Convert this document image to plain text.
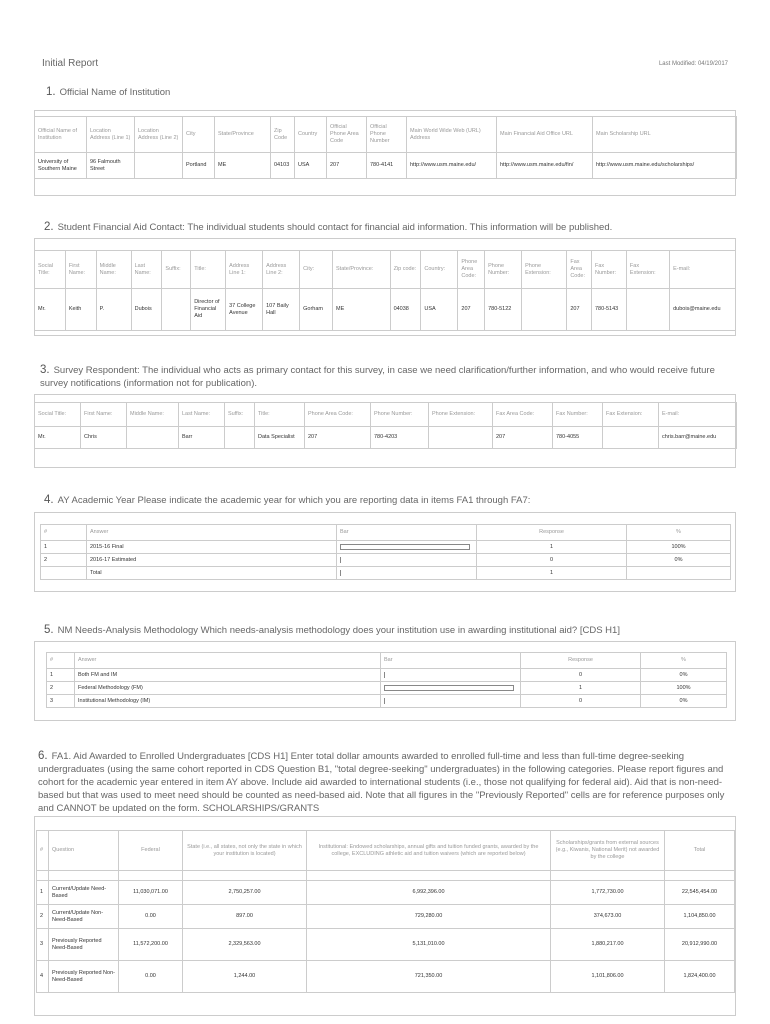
Initial Report	Last Modified: 04/19/2017
1. Official Name of Institution
Official Name of Institution	Location Address (Line 1)	Location Address (Line 2)	City	State/Province	Zip Code	Country	Official Phone Area Code	Official Phone Number	Main World Wide Web (URL) Address	Main Financial Aid Office URL	Main Scholarship URL
University of Southern Maine	96 Falmouth Street		Portland	ME	04103	USA	207	780-4141	http://www.usm.maine.edu/	http://www.usm.maine.edu/fin/	http://www.usm.maine.edu/scholarships/
2. Student Financial Aid Contact: The individual students should contact for financial aid information. This information will be published.
Social Title:	First Name:	Middle Name:	Last Name:	Suffix:	Title:	Address Line 1:	Address Line 2:	City:	State/Province:	Zip code:	Country:	Phone Area Code:	Phone Number:	Phone Extension:	Fax Area Code:	Fax Number:	Fax Extension:	E-mail:
Mr.	Keith	P.	Dubois		Director of Financial Aid	37 College Avenue	107 Baily Hall	Gorham	ME	04038	USA	207	780-5122		207	780-5143		dubois@maine.edu
3. Survey Respondent: The individual who acts as primary contact for this survey, in case we need clarification/further information, and who would receive future survey notifications (information not for publication).
Social Title:	First Name:	Middle Name:	Last Name:	Suffix:	Title:	Phone Area Code:	Phone Number:	Phone Extension:	Fax Area Code:	Fax Number:	Fax Extension:	E-mail:
Mr.	Chris		Barr		Data Specialist	207	780-4203		207	780-4055		chris.barr@maine.edu
4. AY Academic Year Please indicate the academic year for which you are reporting data in items FA1 through FA7:
#	Answer	Bar	Response	%
1	2015-16 Final		1	100%
2	2016-17 Estimated		0	0%
	Total		1	
5. NM Needs-Analysis Methodology Which needs-analysis methodology does your institution use in awarding institutional aid? [CDS H1]
#	Answer	Bar	Response	%
1	Both FM and IM		0	0%
2	Federal Methodology (FM)		1	100%
3	Institutional Methodology (IM)		0	0%
6. FA1. Aid Awarded to Enrolled Undergraduates [CDS H1] Enter total dollar amounts awarded to enrolled full-time and less than full-time degree-seeking undergraduates (using the same cohort reported in CDS Question B1, "total degree-seeking" undergraduates) in the following categories. Please report figures and cohort for the academic year entered in item AY above. Include aid awarded to international students (i.e., those not qualifying for federal aid). Aid that is non-need-based but that was used to meet need should be counted as need-based aid. Note that all figures in the "Previously Reported" cells are for reference purposes only and CANNOT be updated on the form. SCHOLARSHIPS/GRANTS
#	Question	Federal	State (i.e., all states, not only the state in which your institution is located)	Institutional: Endowed scholarships, annual gifts and tuition funded grants, awarded by the college, EXCLUDING athletic aid and tuition waivers (which are reported below)	Scholarships/grants from external sources (e.g., Kiwanis, National Merit) not awarded by the college	Total

1	Current/Update Need-Based	11,030,071.00	2,750,257.00	6,992,396.00	1,772,730.00	22,545,454.00
2	Current/Update Non-Need-Based	0.00	897.00	729,280.00	374,673.00	1,104,850.00
3	Previously Reported Need-Based	11,572,200.00	2,329,563.00	5,131,010.00	1,880,217.00	20,912,990.00
4	Previously Reported Non-Need-Based	0.00	1,244.00	721,350.00	1,101,806.00	1,824,400.00
